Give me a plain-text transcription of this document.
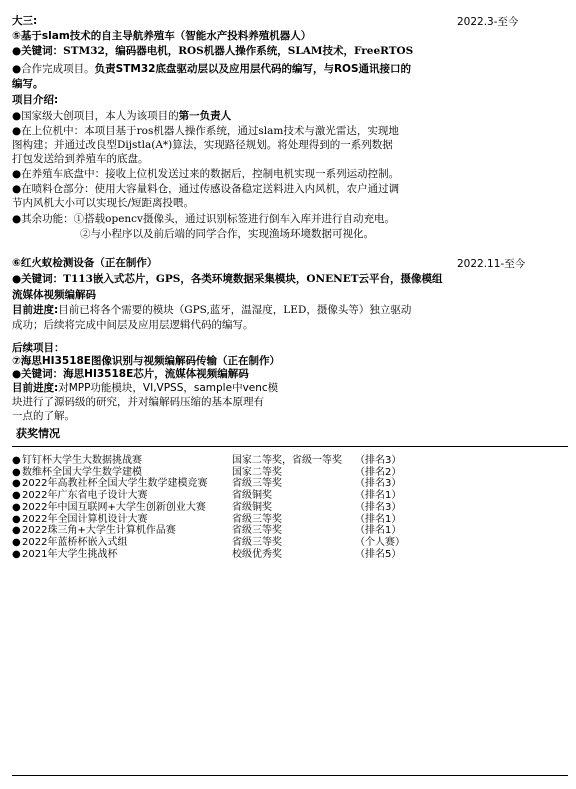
大三:	2022.3-至今
⑤基于slam技术的自主导航养殖车（智能水产投料养殖机器人）
●关键词：STM32，编码器电机，ROS机器人操作系统，SLAM技术，FreeRTOS
●合作完成项目。负责STM32底盘驱动层以及应用层代码的编写，与ROS通讯接口的
编写。
项目介绍:
●国家级大创项目，本人为该项目的第一负责人
●在上位机中：本项目基于ros机器人操作系统，通过slam技术与激光雷达，实现地
图构建；并通过改良型Dijstla(A*)算法，实现路径规划。将处理得到的一系列数据
打包发送给到养殖车的底盘。
●在养殖车底盘中：接收上位机发送过来的数据后，控制电机实现一系列运动控制。
●在喷料仓部分：使用大容量料仓，通过传感设备稳定送料进入内风机，农户通过调
节内风机大小可以实现长/短距离投喂。
●其余功能：①搭载opencv摄像头，通过识别标签进行倒车入库并进行自动充电。
②与小程序以及前后端的同学合作，实现渔场环境数据可视化。
⑥红火蚁检测设备（正在制作）	2022.11-至今
●关键词：T113嵌入式芯片，GPS，各类环境数据采集模块，ONENET云平台，摄像模组
流媒体视频编解码
目前进度:目前已将各个需要的模块（GPS,蓝牙，温湿度，LED，摄像头等）独立驱动
成功；后续将完成中间层及应用层逻辑代码的编写。
后续项目：
⑦海思HI3518E图像识别与视频编解码传输（正在制作）
●关键词：海思HI3518E芯片，流媒体视频编解码
目前进度:对MPP功能模块，VI,VPSS，sample中venc模
块进行了源码级的研究，并对编解码压缩的基本原理有
一点的了解。
获奖情况
● 钉钉杯大学生大数据挑战赛	国家二等奖，省级一等奖 （排名3）
● 数维杯全国大学生数学建模	国家二等奖	（排名2）
● 2022年高教社杯全国大学生数学建模竞赛 省级三等奖	（排名3）
● 2022年广东省电子设计大赛	省级铜奖	（排名1）
● 2022年中国互联网+大学生创新创业大赛	省级铜奖	（排名3）
● 2022年全国计算机设计大赛	省级三等奖	（排名1）
● 2022珠三角+大学生计算机作品赛	省级三等奖	（排名1）
● 2022年蓝桥杯嵌入式组	省级三等奖	（个人赛）
● 2021年大学生挑战杯	校级优秀奖	（排名5）
